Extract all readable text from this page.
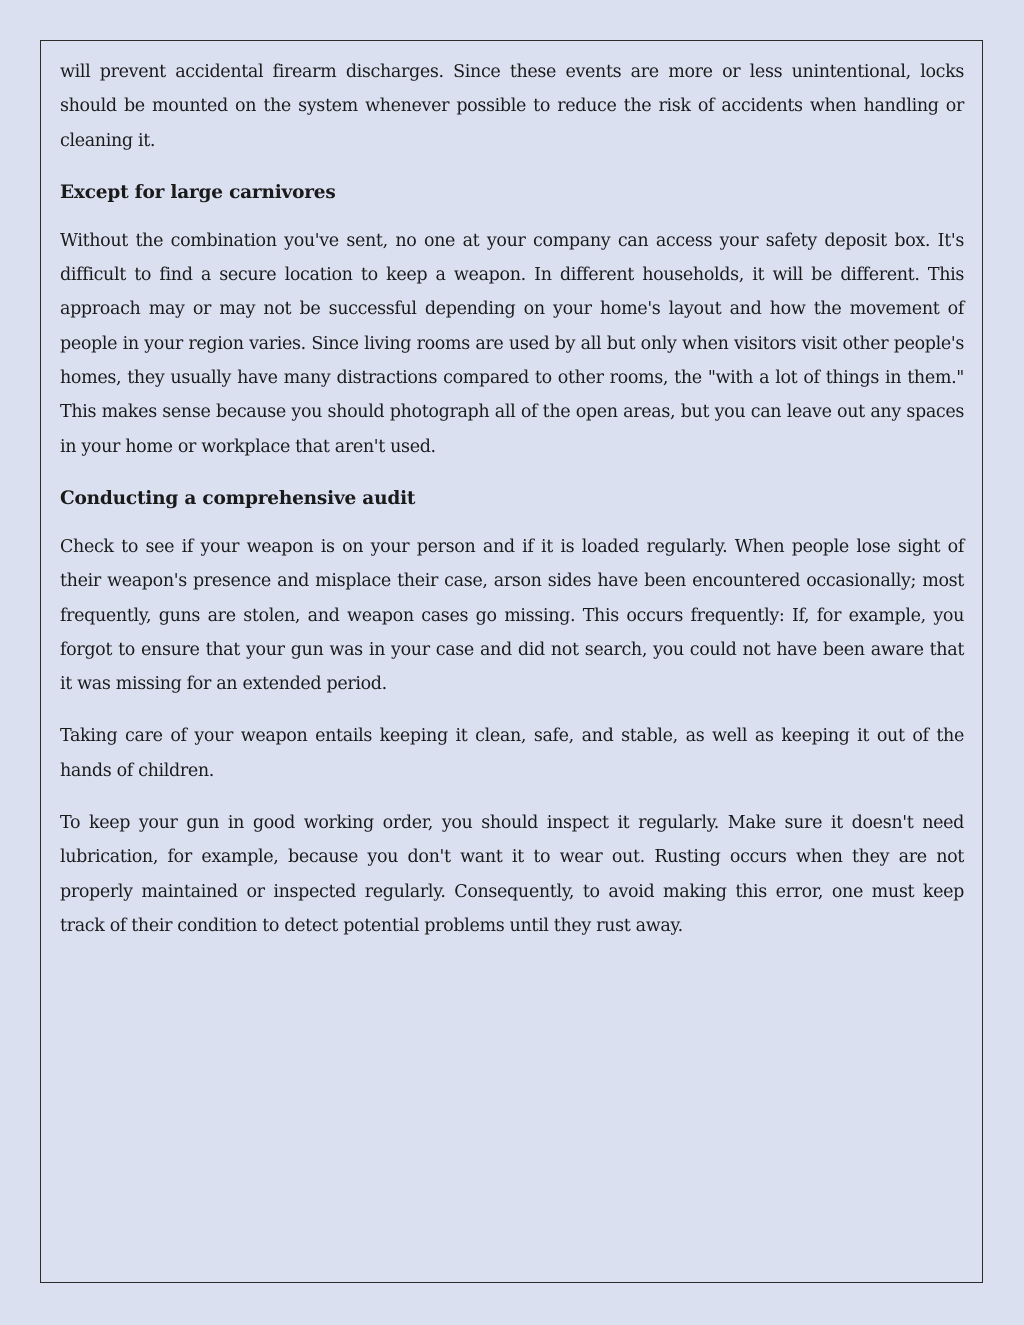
will prevent accidental firearm discharges. Since these events are more or less unintentional, locks should be mounted on the system whenever possible to reduce the risk of accidents when handling or cleaning it.

Except for large carnivores

Without the combination you've sent, no one at your company can access your safety deposit box. It's difficult to find a secure location to keep a weapon. In different households, it will be different. This approach may or may not be successful depending on your home's layout and how the movement of people in your region varies. Since living rooms are used by all but only when visitors visit other people's homes, they usually have many distractions compared to other rooms, the "with a lot of things in them." This makes sense because you should photograph all of the open areas, but you can leave out any spaces in your home or workplace that aren't used.

Conducting a comprehensive audit

Check to see if your weapon is on your person and if it is loaded regularly. When people lose sight of their weapon's presence and misplace their case, arson sides have been encountered occasionally; most frequently, guns are stolen, and weapon cases go missing. This occurs frequently: If, for example, you forgot to ensure that your gun was in your case and did not search, you could not have been aware that it was missing for an extended period.

Taking care of your weapon entails keeping it clean, safe, and stable, as well as keeping it out of the hands of children.

To keep your gun in good working order, you should inspect it regularly. Make sure it doesn't need lubrication, for example, because you don't want it to wear out. Rusting occurs when they are not properly maintained or inspected regularly. Consequently, to avoid making this error, one must keep track of their condition to detect potential problems until they rust away.
